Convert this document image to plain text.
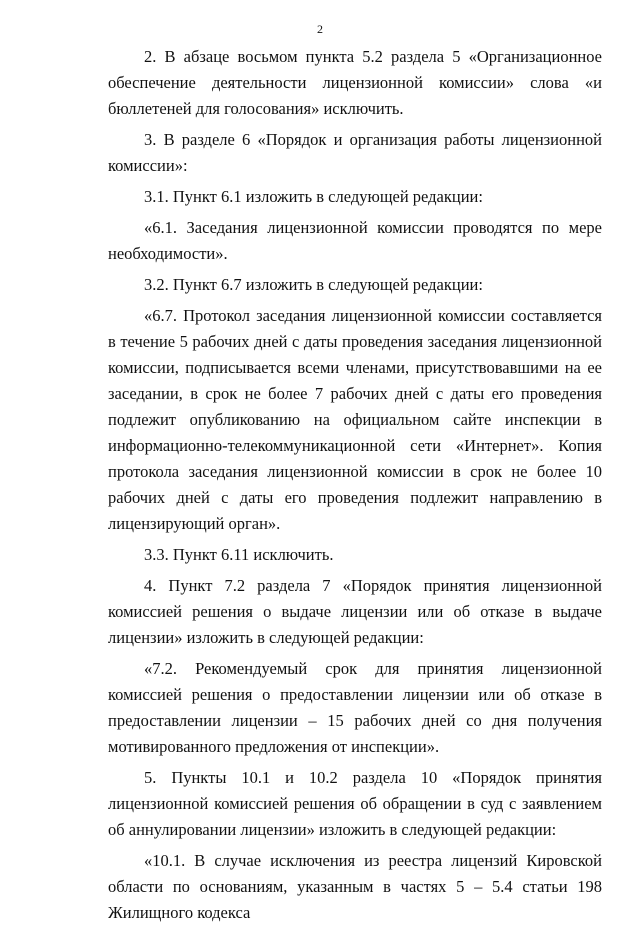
2

2. В абзаце восьмом пункта 5.2 раздела 5 «Организационное обеспечение деятельности лицензионной комиссии» слова «и бюллетеней для голосования» исключить.

3. В разделе 6 «Порядок и организация работы лицензионной комиссии»:

3.1. Пункт 6.1 изложить в следующей редакции:

«6.1. Заседания лицензионной комиссии проводятся по мере необходимости».

3.2. Пункт 6.7 изложить в следующей редакции:

«6.7. Протокол заседания лицензионной комиссии составляется в течение 5 рабочих дней с даты проведения заседания лицензионной комиссии, подписывается всеми членами, присутствовавшими на ее заседании, в срок не более 7 рабочих дней с даты его проведения подлежит опубликованию на официальном сайте инспекции в информационно-телекоммуникационной сети «Интернет». Копия протокола заседания лицензионной комиссии в срок не более 10 рабочих дней с даты его проведения подлежит направлению в лицензирующий орган».

3.3. Пункт 6.11 исключить.

4. Пункт 7.2 раздела 7 «Порядок принятия лицензионной комиссией решения о выдаче лицензии или об отказе в выдаче лицензии» изложить в следующей редакции:

«7.2. Рекомендуемый срок для принятия лицензионной комиссией решения о предоставлении лицензии или об отказе в предоставлении лицензии – 15 рабочих дней со дня получения мотивированного предложения от инспекции».

5. Пункты 10.1 и 10.2 раздела 10 «Порядок принятия лицензионной комиссией решения об обращении в суд с заявлением об аннулировании лицензии» изложить в следующей редакции:

«10.1. В случае исключения из реестра лицензий Кировской области по основаниям, указанным в частях 5 – 5.4 статьи 198 Жилищного кодекса
